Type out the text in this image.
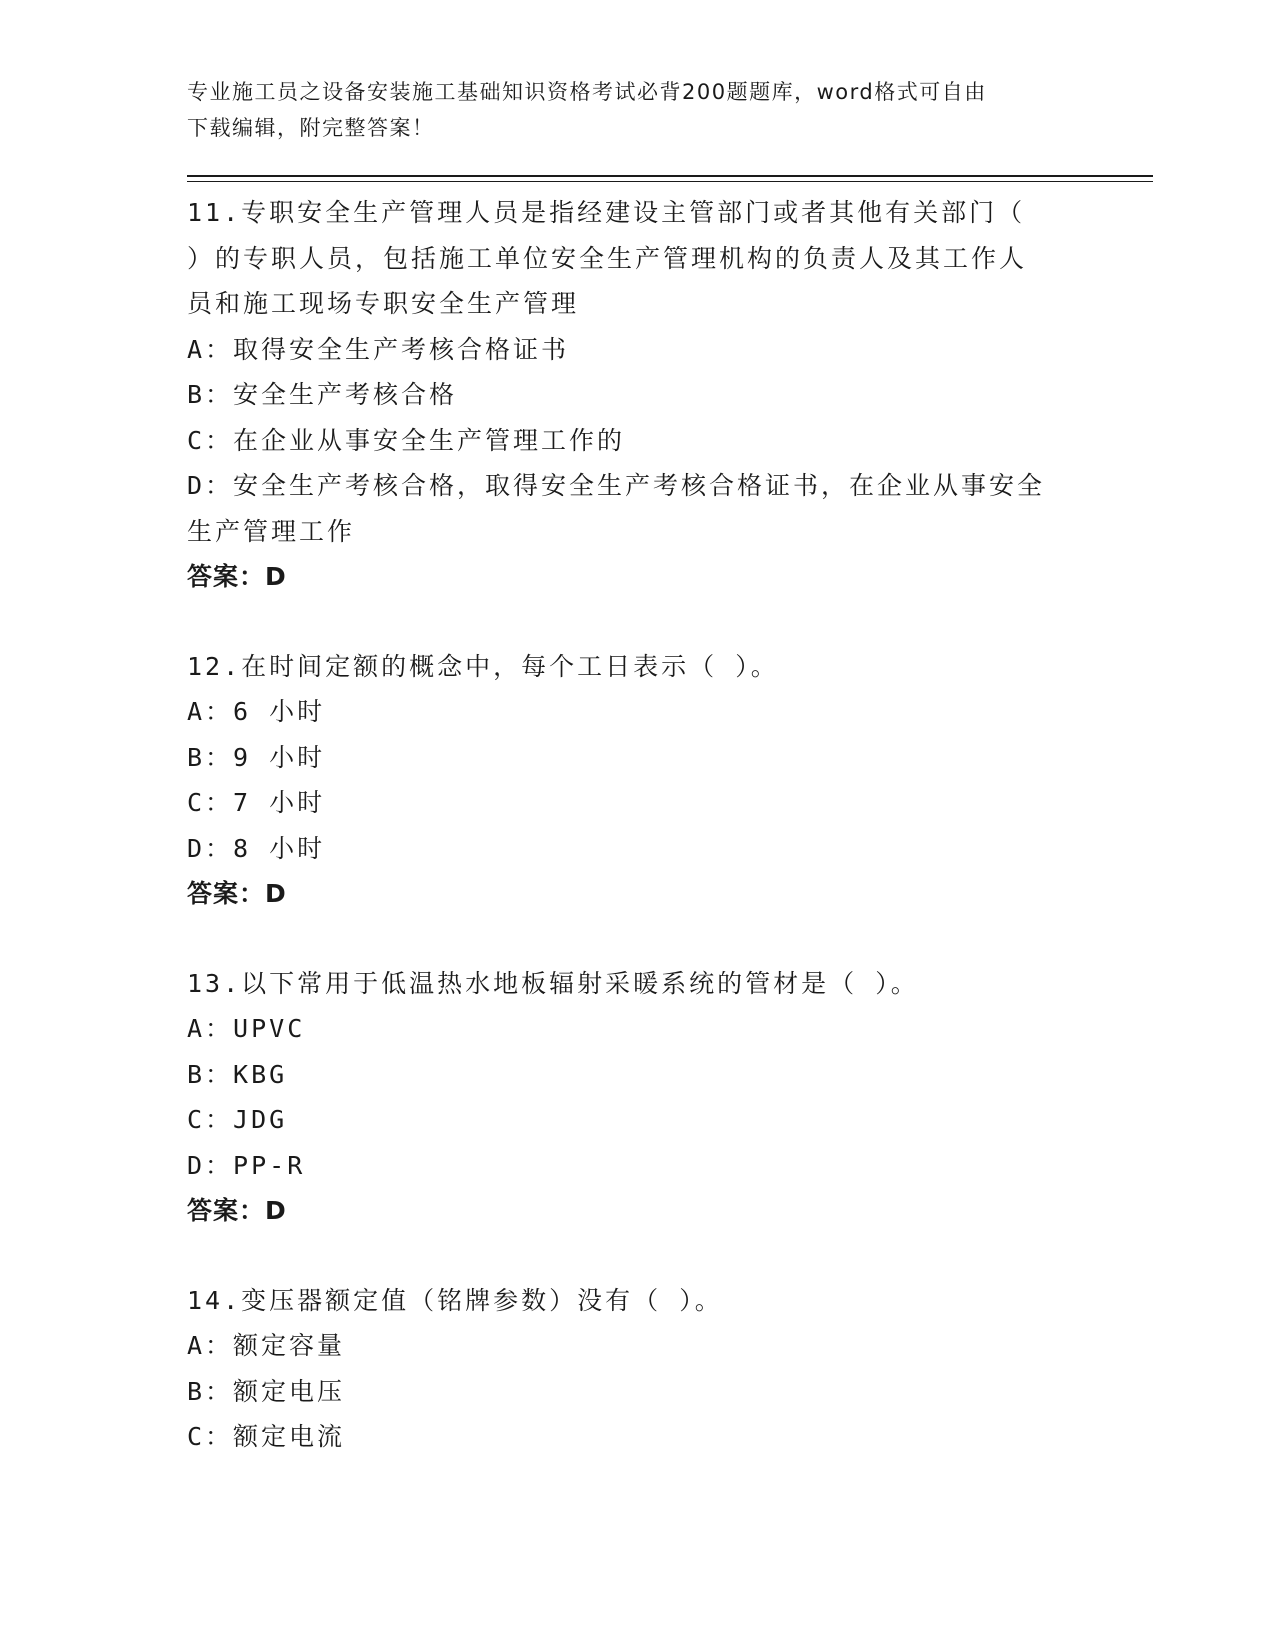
专业施工员之设备安装施工基础知识资格考试必背200题题库，word格式可自由
下载编辑，附完整答案！
11.专职安全生产管理人员是指经建设主管部门或者其他有关部门（
）的专职人员，包括施工单位安全生产管理机构的负责人及其工作人
员和施工现场专职安全生产管理
A：取得安全生产考核合格证书
B：安全生产考核合格
C：在企业从事安全生产管理工作的
D：安全生产考核合格，取得安全生产考核合格证书，在企业从事安全
生产管理工作
答案：D
12.在时间定额的概念中，每个工日表示（ ）。
A：6 小时
B：9 小时
C：7 小时
D：8 小时
答案：D
13.以下常用于低温热水地板辐射采暖系统的管材是（ ）。
A：UPVC
B：KBG
C：JDG
D：PP-R
答案：D
14.变压器额定值（铭牌参数）没有（ ）。
A：额定容量
B：额定电压
C：额定电流
